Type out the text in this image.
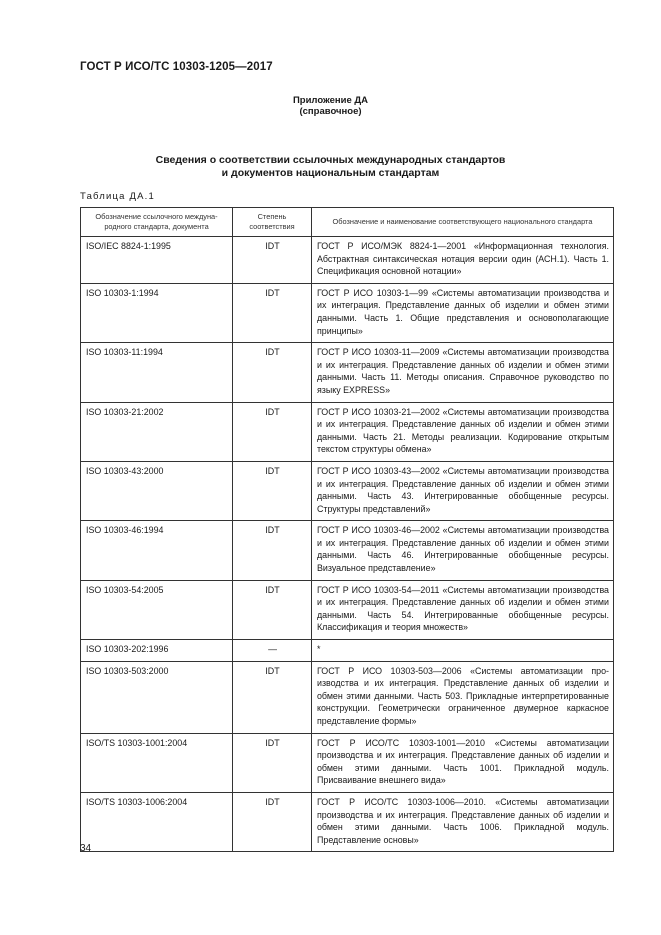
ГОСТ Р ИСО/ТС 10303-1205—2017
Приложение ДА
(справочное)
Сведения о соответствии ссылочных международных стандартов
и документов национальным стандартам
Таблица ДА.1
Обозначение ссылочного международного стандарта, документа	Степень соответствия	Обозначение и наименование соответствующего национального стандарта
ISO/IEC 8824-1:1995	IDT	ГОСТ Р ИСО/МЭК 8824-1—2001 «Информационная технология. Абстрактная синтаксическая нотация версии один (АСН.1). Часть 1. Спецификация основной нотации»
ISO 10303-1:1994	IDT	ГОСТ Р ИСО 10303-1—99 «Системы автоматизации производства и их интеграция. Представление данных об изделии и обмен этими данными. Часть 1. Общие представления и основополагающие принципы»
ISO 10303-11:1994	IDT	ГОСТ Р ИСО 10303-11—2009 «Системы автоматизации производства и их интеграция. Представление данных об изделии и обмен этими данными. Часть 11. Методы описания. Справочное руководство по языку EXPRESS»
ISO 10303-21:2002	IDT	ГОСТ Р ИСО 10303-21—2002 «Системы автоматизации производства и их интеграция. Представление данных об изделии и обмен этими данными. Часть 21. Методы реализации. Кодирование открытым текстом структуры обмена»
ISO 10303-43:2000	IDT	ГОСТ Р ИСО 10303-43—2002 «Системы автоматизации производства и их интеграция. Представление данных об изделии и обмен этими данными. Часть 43. Интегрированные обобщенные ресурсы. Структуры представлений»
ISO 10303-46:1994	IDT	ГОСТ Р ИСО 10303-46—2002 «Системы автоматизации производства и их интеграция. Представление данных об изделии и обмен этими данными. Часть 46. Интегрированные обобщенные ресурсы. Визуальное представление»
ISO 10303-54:2005	IDT	ГОСТ Р ИСО 10303-54—2011 «Системы автоматизации производства и их интеграция. Представление данных об изделии и обмен этими данными. Часть 54. Интегрированные обобщенные ресурсы. Классификация и теория множеств»
ISO 10303-202:1996	—	*
ISO 10303-503:2000	IDT	ГОСТ Р ИСО 10303-503—2006 «Системы автоматизации производства и их интеграция. Представление данных об изделии и обмен этими данными. Часть 503. Прикладные интерпретированные конструкции. Геометрически ограниченное двумерное каркасное представление формы»
ISO/TS 10303-1001:2004	IDT	ГОСТ Р ИСО/ТС 10303-1001—2010 «Системы автоматизации производства и их интеграция. Представление данных об изделии и обмен этими данными. Часть 1001. Прикладной модуль. Присваивание внешнего вида»
ISO/TS 10303-1006:2004	IDT	ГОСТ Р ИСО/ТС 10303-1006—2010. «Системы автоматизации производства и их интеграция. Представление данных об изделии и обмен этими данными. Часть 1006. Прикладной модуль. Представление основы»
34
